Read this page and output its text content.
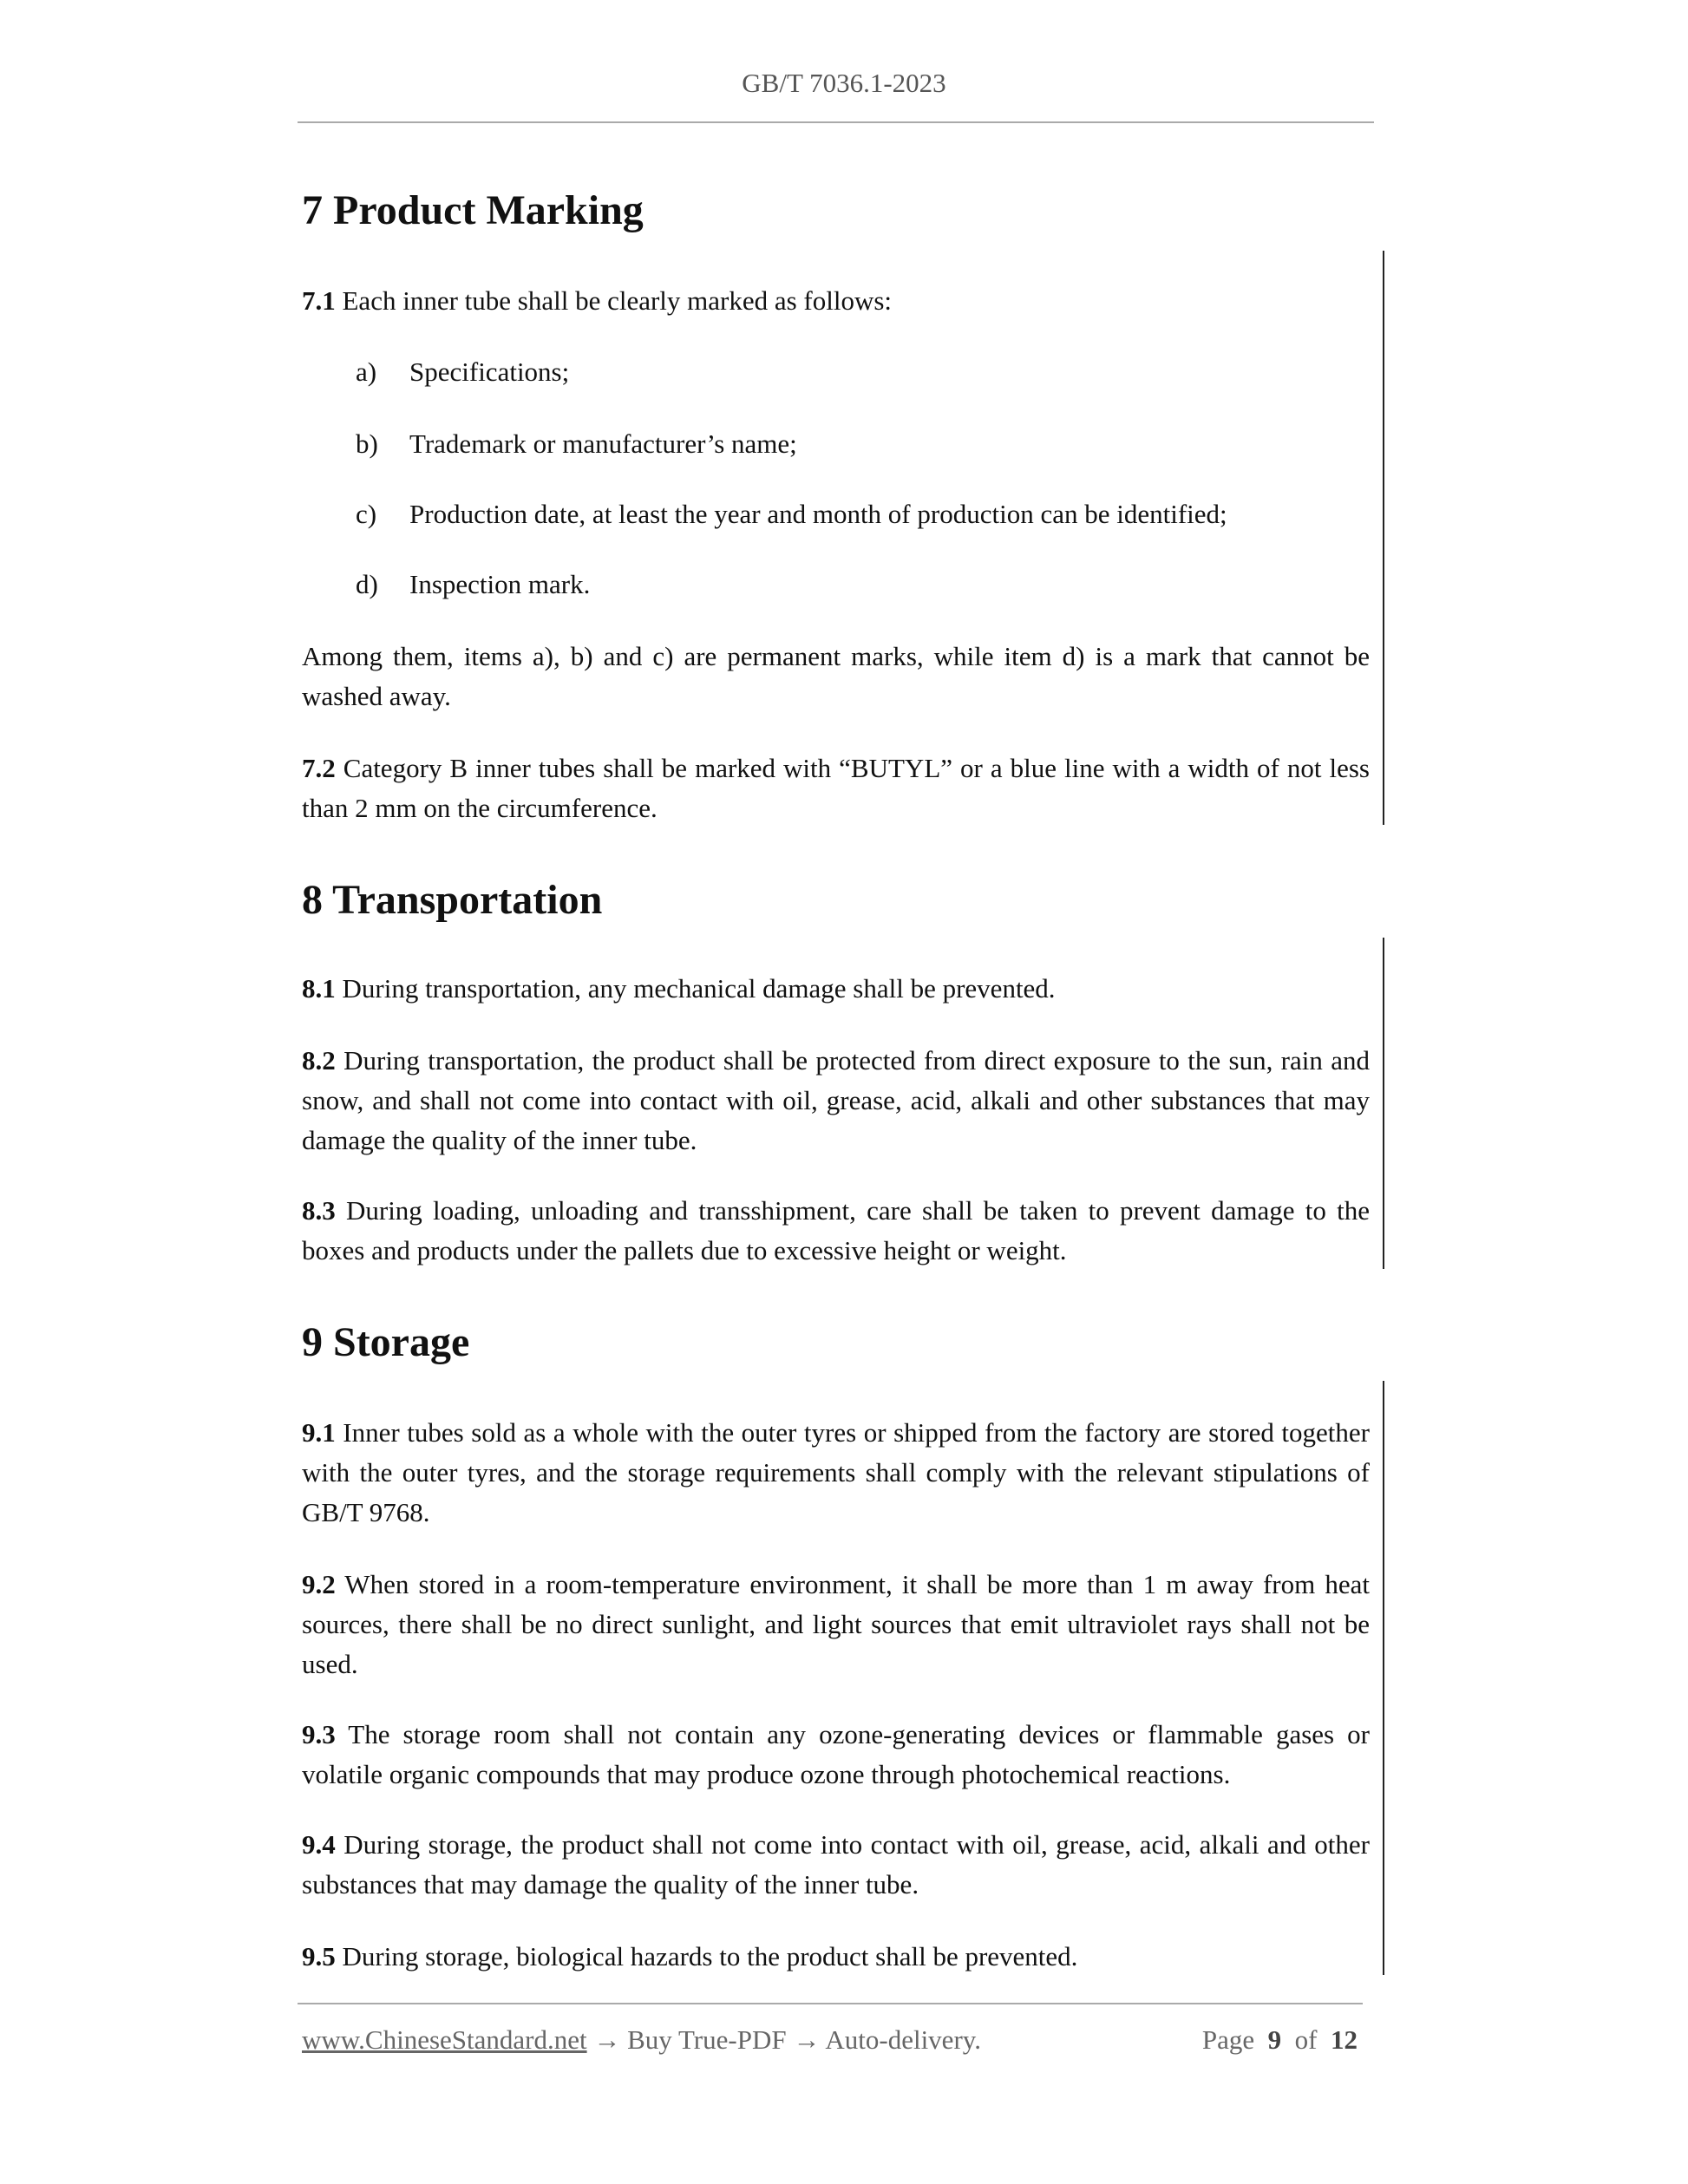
GB/T 7036.1-2023
7 Product Marking
7.1 Each inner tube shall be clearly marked as follows:
a) Specifications;
b) Trademark or manufacturer’s name;
c) Production date, at least the year and month of production can be identified;
d) Inspection mark.
Among them, items a), b) and c) are permanent marks, while item d) is a mark that cannot be washed away.
7.2 Category B inner tubes shall be marked with “BUTYL” or a blue line with a width of not less than 2 mm on the circumference.
8 Transportation
8.1 During transportation, any mechanical damage shall be prevented.
8.2 During transportation, the product shall be protected from direct exposure to the sun, rain and snow, and shall not come into contact with oil, grease, acid, alkali and other substances that may damage the quality of the inner tube.
8.3 During loading, unloading and transshipment, care shall be taken to prevent damage to the boxes and products under the pallets due to excessive height or weight.
9 Storage
9.1 Inner tubes sold as a whole with the outer tyres or shipped from the factory are stored together with the outer tyres, and the storage requirements shall comply with the relevant stipulations of GB/T 9768.
9.2 When stored in a room-temperature environment, it shall be more than 1 m away from heat sources, there shall be no direct sunlight, and light sources that emit ultraviolet rays shall not be used.
9.3 The storage room shall not contain any ozone-generating devices or flammable gases or volatile organic compounds that may produce ozone through photochemical reactions.
9.4 During storage, the product shall not come into contact with oil, grease, acid, alkali and other substances that may damage the quality of the inner tube.
9.5 During storage, biological hazards to the product shall be prevented.
www.ChineseStandard.net → Buy True-PDF → Auto-delivery.	Page 9 of 12
